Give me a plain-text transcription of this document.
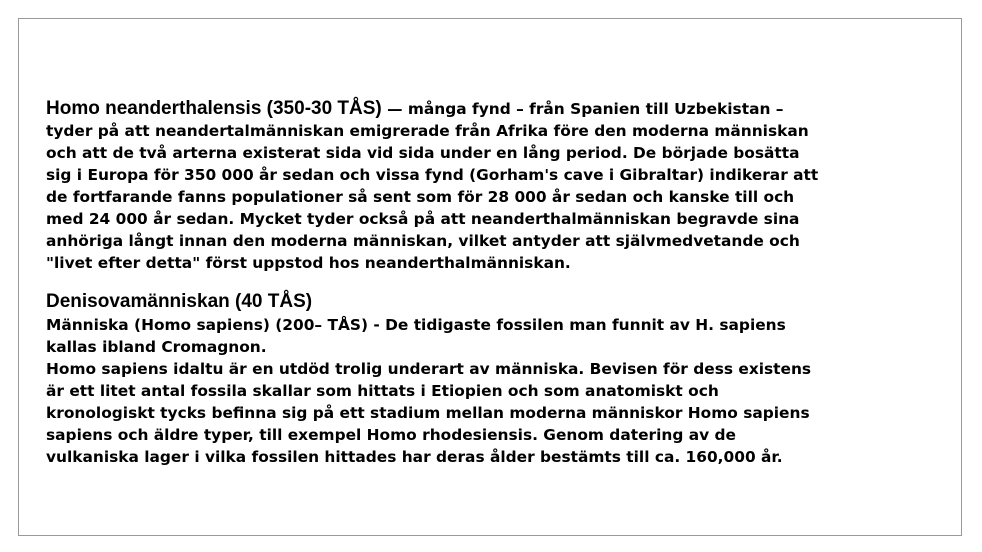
Homo neanderthalensis (350-30 TÅS) — många fynd – från Spanien till Uzbekistan –
tyder på att neandertalmänniskan emigrerade från Afrika före den moderna människan
och att de två arterna existerat sida vid sida under en lång period. De började bosätta
sig i Europa för 350 000 år sedan och vissa fynd (Gorham's cave i Gibraltar) indikerar att
de fortfarande fanns populationer så sent som för 28 000 år sedan och kanske till och
med 24 000 år sedan. Mycket tyder också på att neanderthalmänniskan begravde sina
anhöriga långt innan den moderna människan, vilket antyder att självmedvetande och
"livet efter detta" först uppstod hos neanderthalmänniskan.
Denisovamänniskan (40 TÅS)
Människa (Homo sapiens) (200– TÅS) - De tidigaste fossilen man funnit av H. sapiens
kallas ibland Cromagnon.
Homo sapiens idaltu är en utdöd trolig underart av människa. Bevisen för dess existens
är ett litet antal fossila skallar som hittats i Etiopien och som anatomiskt och
kronologiskt tycks befinna sig på ett stadium mellan moderna människor Homo sapiens
sapiens och äldre typer, till exempel Homo rhodesiensis. Genom datering av de
vulkaniska lager i vilka fossilen hittades har deras ålder bestämts till ca. 160,000 år.
